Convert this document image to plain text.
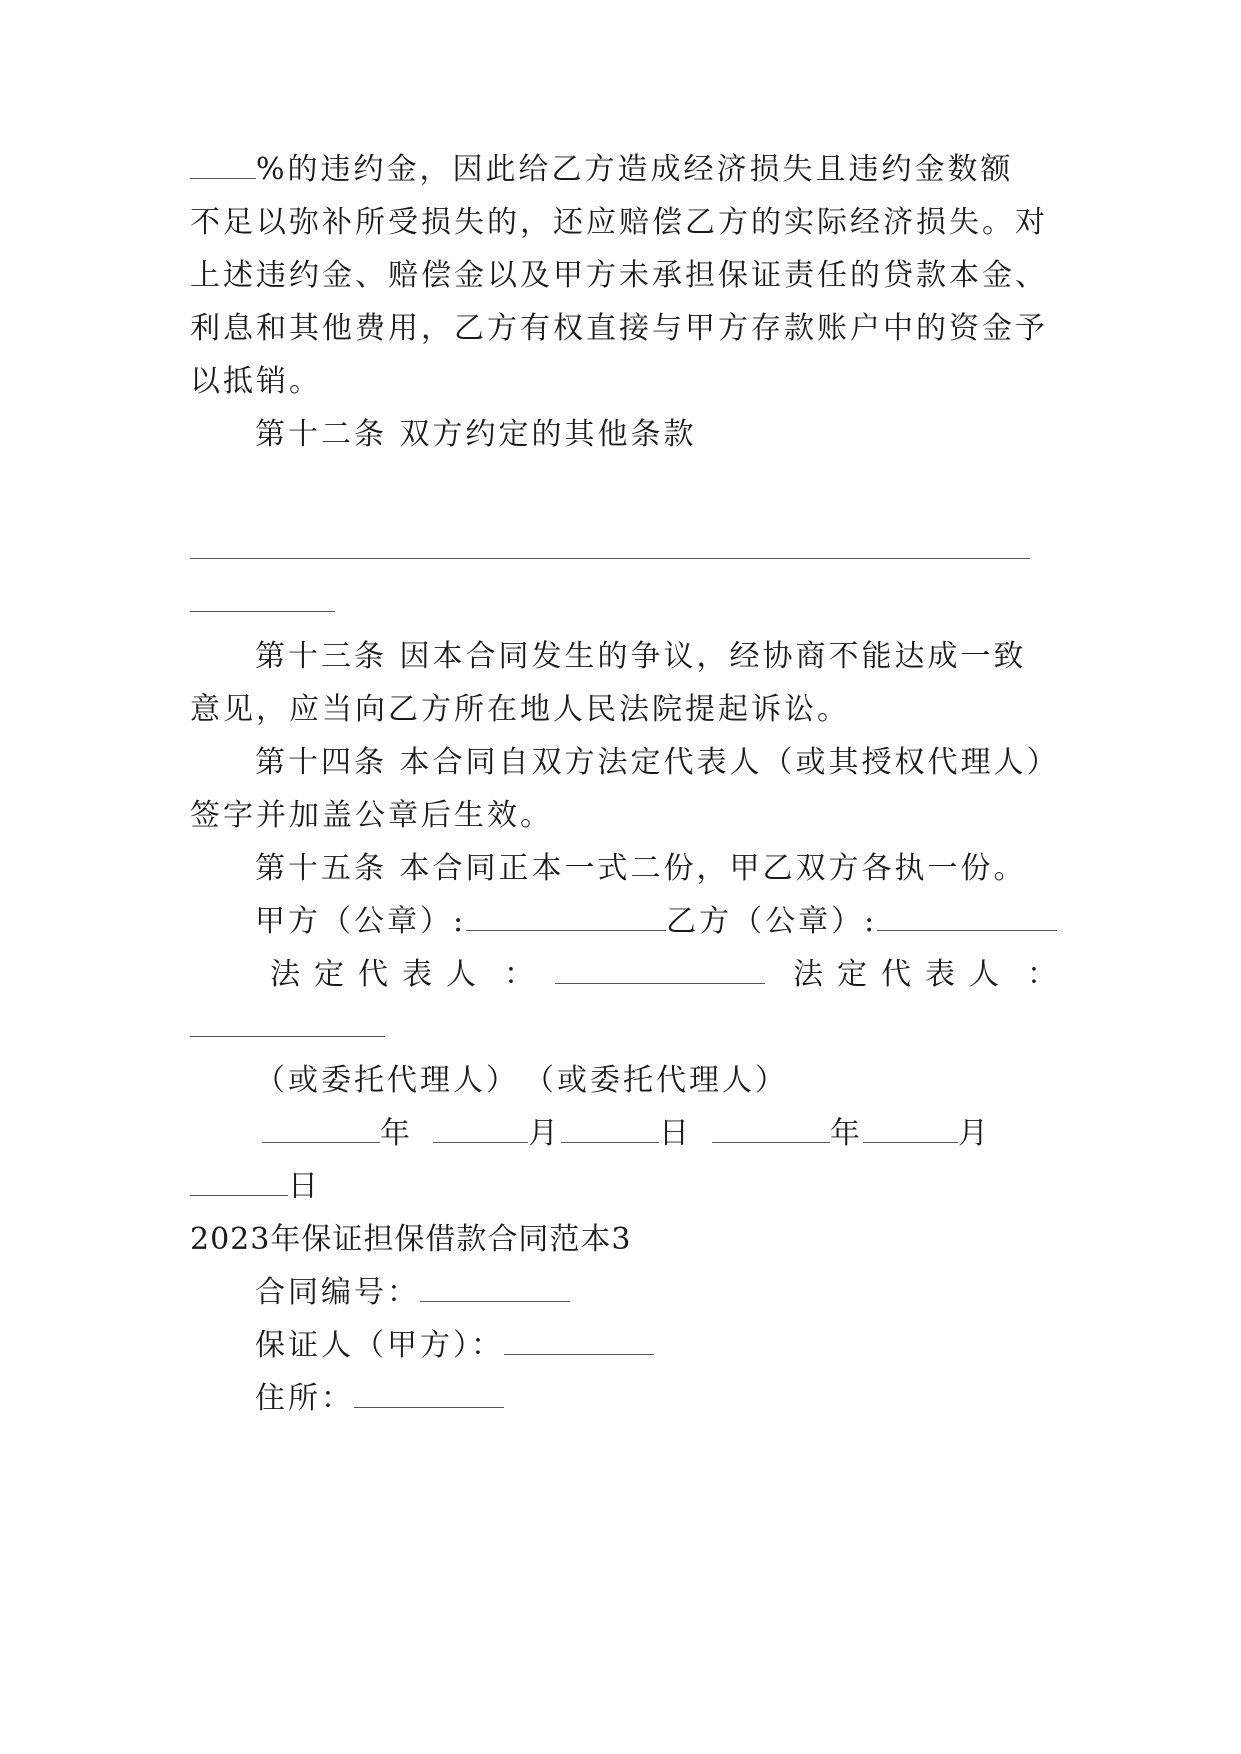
%的违约金，因此给乙方造成经济损失且违约金数额
不足以弥补所受损失的，还应赔偿乙方的实际经济损失。对
上述违约金、赔偿金以及甲方未承担保证责任的贷款本金、
利息和其他费用，乙方有权直接与甲方存款账户中的资金予
以抵销。
第十二条 双方约定的其他条款
第十三条 因本合同发生的争议，经协商不能达成一致
意见，应当向乙方所在地人民法院提起诉讼。
第十四条 本合同自双方法定代表人（或其授权代理人）
签字并加盖公章后生效。
第十五条 本合同正本一式二份，甲乙双方各执一份。
甲方（公章）:	乙方（公章）:
法定代表人 ：	法定代表人 ：
（或委托代理人） （或委托代理人）
年	月	日	年	月
日
2023年保证担保借款合同范本3
合同编号：
保证人（甲方）：
住所：
